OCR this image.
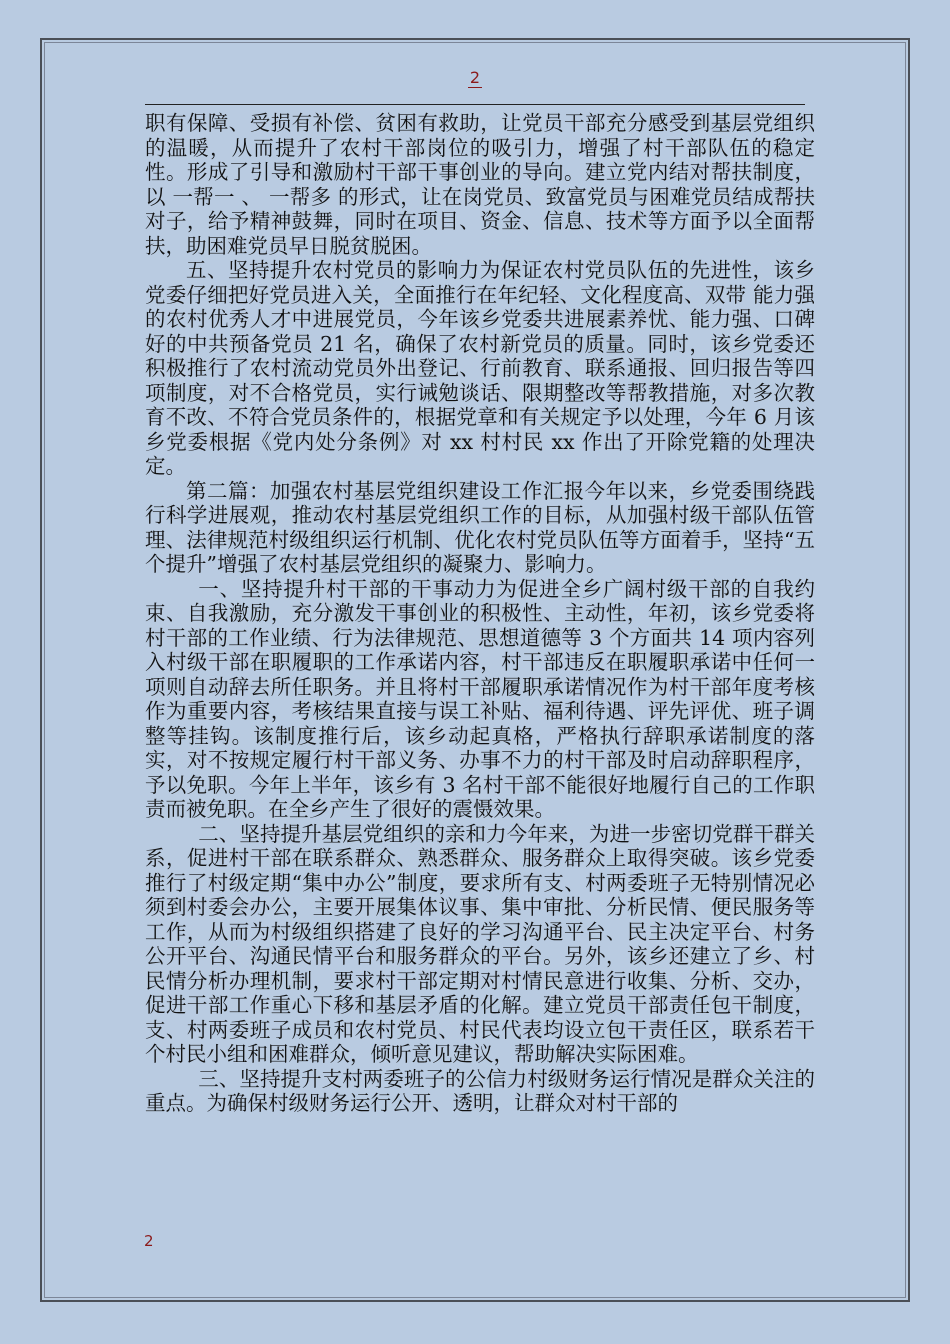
2

职有保障、受损有补偿、贫困有救助，让党员干部充分感受到基层党组织的温暖，从而提升了农村干部岗位的吸引力，增强了村干部队伍的稳定性。形成了引导和激励村干部干事创业的导向。建立党内结对帮扶制度，以 一帮一 、 一帮多 的形式，让在岗党员、致富党员与困难党员结成帮扶对子，给予精神鼓舞，同时在项目、资金、信息、技术等方面予以全面帮扶，助困难党员早日脱贫脱困。

五、坚持提升农村党员的影响力为保证农村党员队伍的先进性，该乡党委仔细把好党员进入关，全面推行在年纪轻、文化程度高、双带 能力强的农村优秀人才中进展党员，今年该乡党委共进展素养忧、能力强、口碑好的中共预备党员 21 名，确保了农村新党员的质量。同时，该乡党委还积极推行了农村流动党员外出登记、行前教育、联系通报、回归报告等四项制度，对不合格党员，实行诫勉谈话、限期整改等帮教措施，对多次教育不改、不符合党员条件的，根据党章和有关规定予以处理，今年 6 月该乡党委根据《党内处分条例》对 xx 村村民 xx 作出了开除党籍的处理决定。

第二篇：加强农村基层党组织建设工作汇报今年以来，乡党委围绕践行科学进展观，推动农村基层党组织工作的目标，从加强村级干部队伍管理、法律规范村级组织运行机制、优化农村党员队伍等方面着手，坚持“五个提升”增强了农村基层党组织的凝聚力、影响力。

一、坚持提升村干部的干事动力为促进全乡广阔村级干部的自我约束、自我激励，充分激发干事创业的积极性、主动性，年初，该乡党委将村干部的工作业绩、行为法律规范、思想道德等 3 个方面共 14 项内容列入村级干部在职履职的工作承诺内容，村干部违反在职履职承诺中任何一项则自动辞去所任职务。并且将村干部履职承诺情况作为村干部年度考核作为重要内容，考核结果直接与误工补贴、福利待遇、评先评优、班子调整等挂钩。该制度推行后，该乡动起真格，严格执行辞职承诺制度的落实，对不按规定履行村干部义务、办事不力的村干部及时启动辞职程序，予以免职。今年上半年，该乡有 3 名村干部不能很好地履行自己的工作职责而被免职。在全乡产生了很好的震慑效果。

二、坚持提升基层党组织的亲和力今年来，为进一步密切党群干群关系，促进村干部在联系群众、熟悉群众、服务群众上取得突破。该乡党委推行了村级定期“集中办公”制度，要求所有支、村两委班子无特别情况必须到村委会办公，主要开展集体议事、集中审批、分析民情、便民服务等工作，从而为村级组织搭建了良好的学习沟通平台、民主决定平台、村务公开平台、沟通民情平台和服务群众的平台。另外，该乡还建立了乡、村民情分析办理机制，要求村干部定期对村情民意进行收集、分析、交办，促进干部工作重心下移和基层矛盾的化解。建立党员干部责任包干制度，支、村两委班子成员和农村党员、村民代表均设立包干责任区，联系若干个村民小组和困难群众，倾听意见建议，帮助解决实际困难。

三、坚持提升支村两委班子的公信力村级财务运行情况是群众关注的重点。为确保村级财务运行公开、透明，让群众对村干部的

2
